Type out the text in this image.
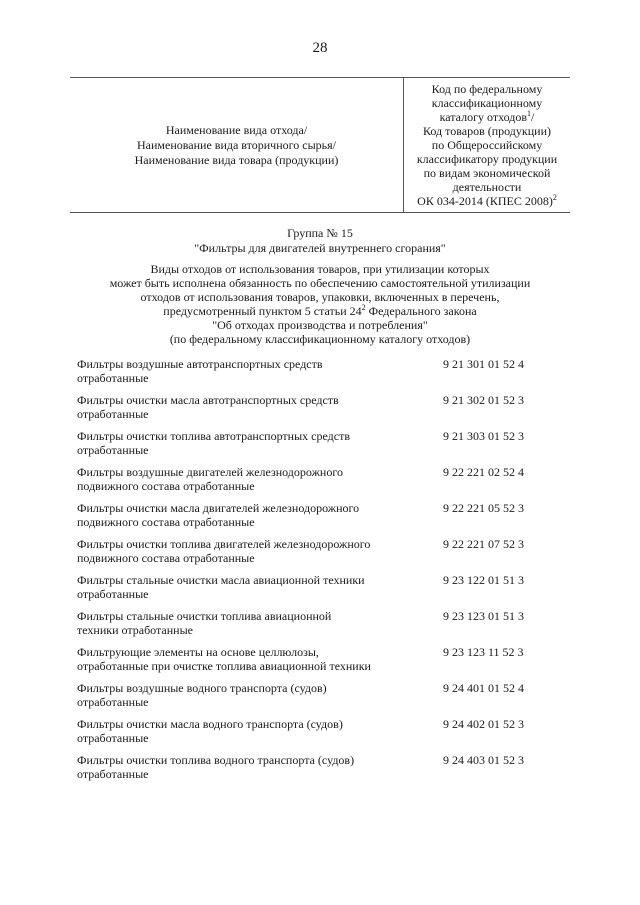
28
Наименование вида отхода/
Наименование вида вторичного сырья/
Наименование вида товара (продукции)
Код по федеральному
классификационному
каталогу отходов$^1$/
Код товаров (продукции)
по Общероссийскому
классификатору продукции
по видам экономической
деятельности
ОК 034-2014 (КПЕС 2008)$^2$
Группа № 15
"Фильтры для двигателей внутреннего сгорания"
Виды отходов от использования товаров, при утилизации которых
может быть исполнена обязанность по обеспечению самостоятельной утилизации
отходов от использования товаров, упаковки, включенных в перечень,
предусмотренный пунктом 5 статьи $24^2$ Федерального закона
"Об отходах производства и потребления"
(по федеральному классификационному каталогу отходов)
Фильтры воздушные автотранспортных средств
отработанные
9 21 301 01 52 4
Фильтры очистки масла автотранспортных средств
отработанные
9 21 302 01 52 3
Фильтры очистки топлива автотранспортных средств
отработанные
9 21 303 01 52 3
Фильтры воздушные двигателей железнодорожного
подвижного состава отработанные
9 22 221 02 52 4
Фильтры очистки масла двигателей железнодорожного
подвижного состава отработанные
9 22 221 05 52 3
Фильтры очистки топлива двигателей железнодорожного
подвижного состава отработанные
9 22 221 07 52 3
Фильтры стальные очистки масла авиационной техники
отработанные
9 23 122 01 51 3
Фильтры стальные очистки топлива авиационной
техники отработанные
9 23 123 01 51 3
Фильтрующие элементы на основе целлюлозы,
отработанные при очистке топлива авиационной техники
9 23 123 11 52 3
Фильтры воздушные водного транспорта (судов)
отработанные
9 24 401 01 52 4
Фильтры очистки масла водного транспорта (судов)
отработанные
9 24 402 01 52 3
Фильтры очистки топлива водного транспорта (судов)
отработанные
9 24 403 01 52 3
